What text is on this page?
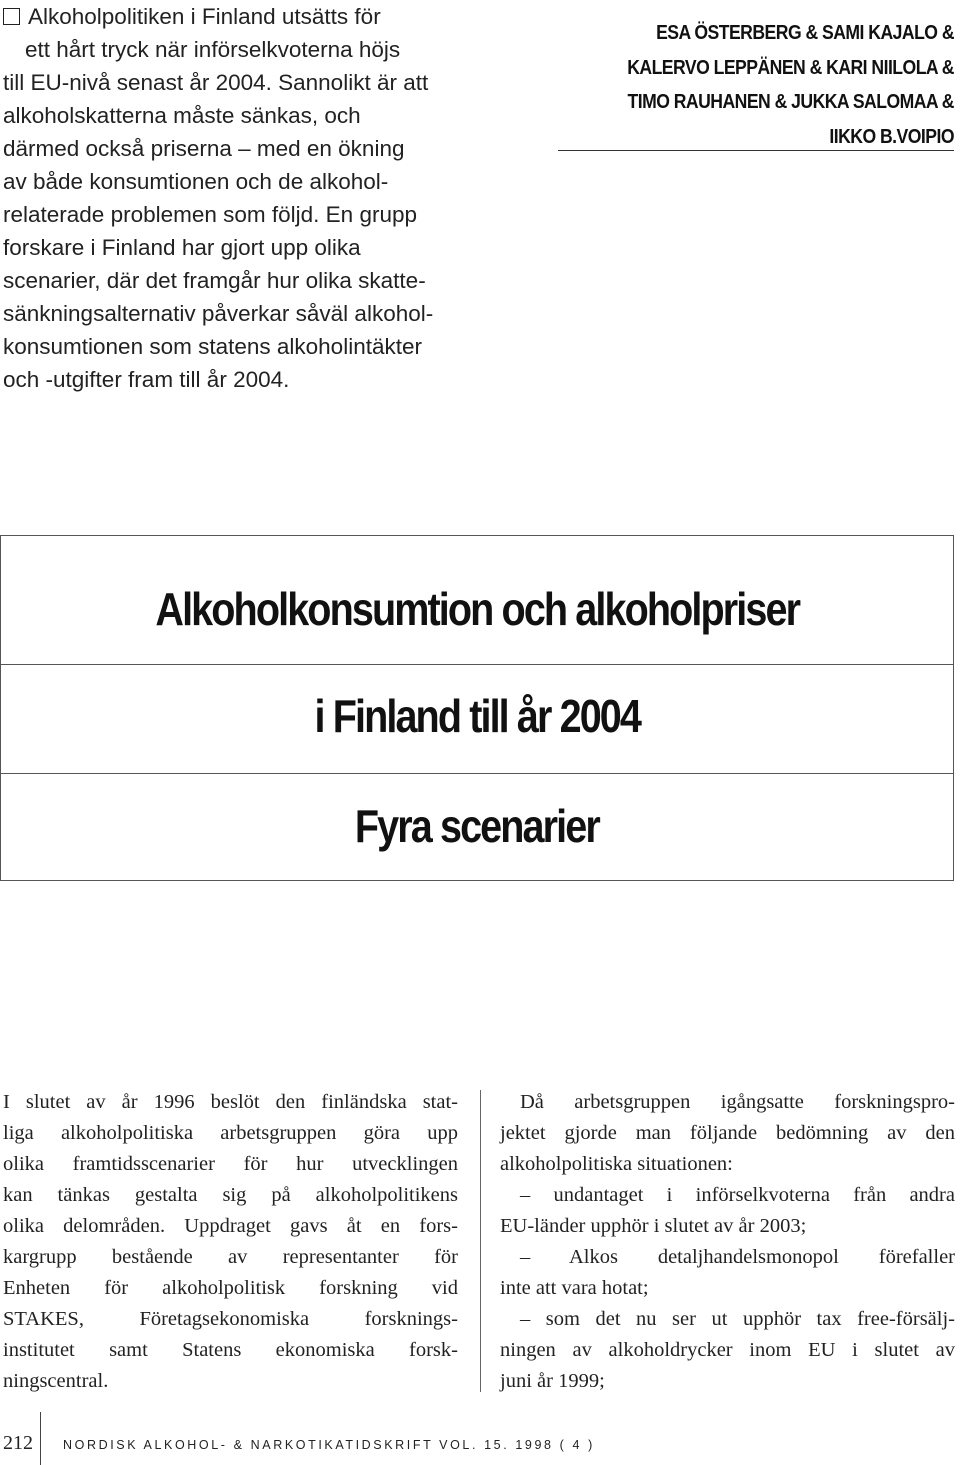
Alkoholpolitiken i Finland utsätts för
ett hårt tryck när införselkvoterna höjs
till EU-nivå senast år 2004. Sannolikt är att
alkoholskatterna måste sänkas, och
därmed också priserna – med en ökning
av både konsumtionen och de alkohol-
relaterade problemen som följd. En grupp
forskare i Finland har gjort upp olika
scenarier, där det framgår hur olika skatte-
sänkningsalternativ påverkar såväl alkohol-
konsumtionen som statens alkoholintäkter
och -utgifter fram till år 2004.
ESA ÖSTERBERG & SAMI KAJALO &
KALERVO LEPPÄNEN & KARI NIILOLA &
TIMO RAUHANEN & JUKKA SALOMAA &
IIKKO B.VOIPIO
Alkoholkonsumtion och alkoholpriser
i Finland till år 2004
Fyra scenarier
I slutet av år 1996 beslöt den finländska stat-
liga alkoholpolitiska arbetsgruppen göra upp
olika framtidsscenarier för hur utvecklingen
kan tänkas gestalta sig på alkoholpolitikens
olika delområden. Uppdraget gavs åt en fors-
kargrupp bestående av representanter för
Enheten för alkoholpolitisk forskning vid
STAKES, Företagsekonomiska forsknings-
institutet samt Statens ekonomiska forsk-
ningscentral.
Då arbetsgruppen igångsatte forskningspro-
jektet gjorde man följande bedömning av den
alkoholpolitiska situationen:
– undantaget i införselkvoterna från andra
EU-länder upphör i slutet av år 2003;
– Alkos detaljhandelsmonopol förefaller
inte att vara hotat;
– som det nu ser ut upphör tax free-försälj-
ningen av alkoholdrycker inom EU i slutet av
juni år 1999;
212 NORDISK ALKOHOL- & NARKOTIKATIDSKRIFT VOL. 15. 1998 ( 4 )
